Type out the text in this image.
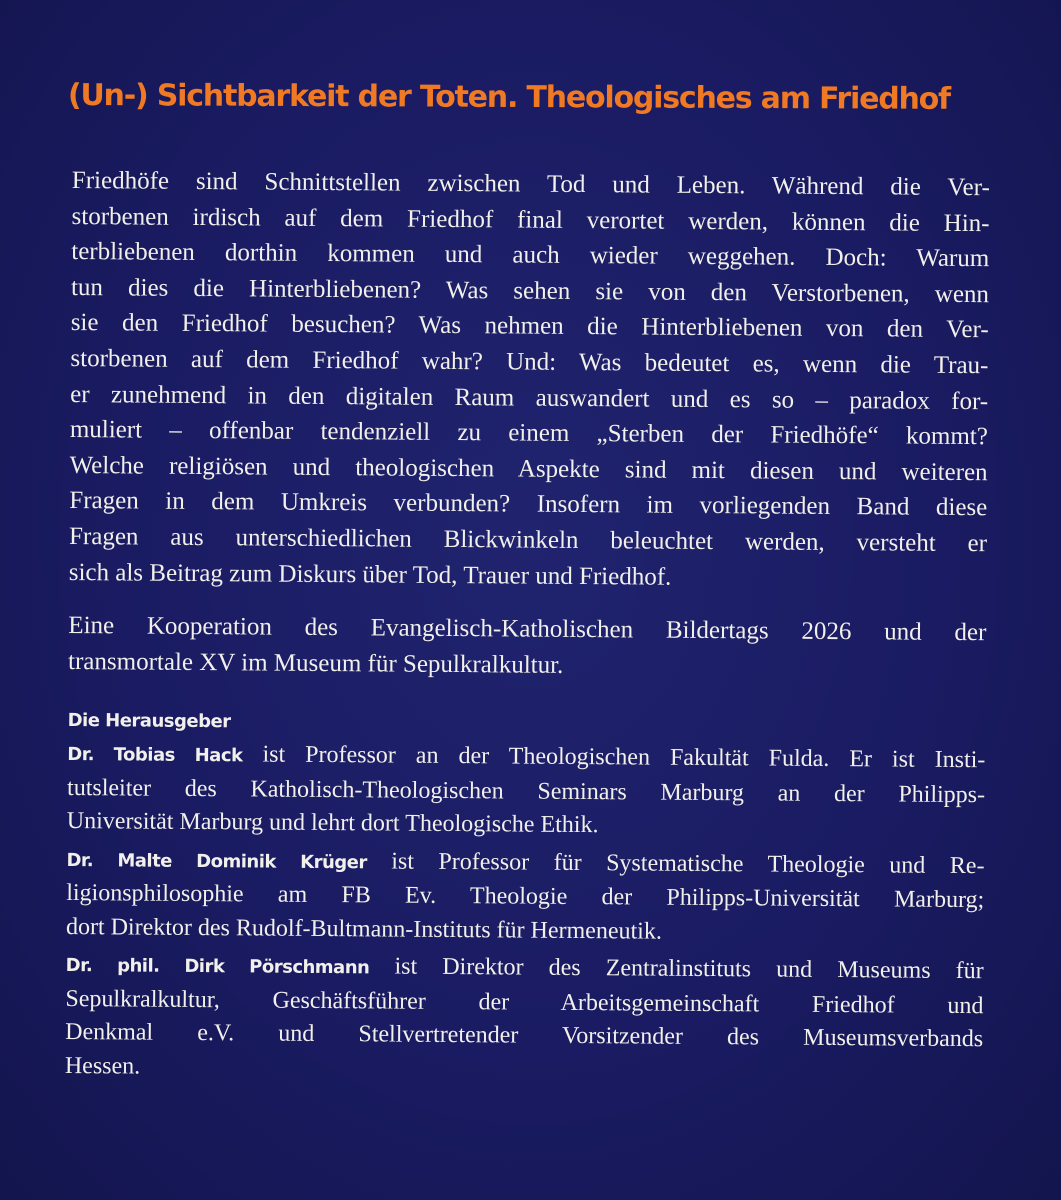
(Un-) Sichtbarkeit der Toten. Theologisches am Friedhof

Friedhöfe sind Schnittstellen zwischen Tod und Leben. Während die Ver-
storbenen irdisch auf dem Friedhof final verortet werden, können die Hin-
terbliebenen dorthin kommen und auch wieder weggehen. Doch: Warum
tun dies die Hinterbliebenen? Was sehen sie von den Verstorbenen, wenn
sie den Friedhof besuchen? Was nehmen die Hinterbliebenen von den Ver-
storbenen auf dem Friedhof wahr? Und: Was bedeutet es, wenn die Trau-
er zunehmend in den digitalen Raum auswandert und es so – paradox for-
muliert – offenbar tendenziell zu einem „Sterben der Friedhöfe“ kommt?
Welche religiösen und theologischen Aspekte sind mit diesen und weiteren
Fragen in dem Umkreis verbunden? Insofern im vorliegenden Band diese
Fragen aus unterschiedlichen Blickwinkeln beleuchtet werden, versteht er
sich als Beitrag zum Diskurs über Tod, Trauer und Friedhof.

Eine Kooperation des Evangelisch-Katholischen Bildertags 2026 und der
transmortale XV im Museum für Sepulkralkultur.

Die Herausgeber

Dr. Tobias Hack ist Professor an der Theologischen Fakultät Fulda. Er ist Insti-
tutsleiter des Katholisch-Theologischen Seminars Marburg an der Philipps-
Universität Marburg und lehrt dort Theologische Ethik.

Dr. Malte Dominik Krüger ist Professor für Systematische Theologie und Re-
ligionsphilosophie am FB Ev. Theologie der Philipps-Universität Marburg;
dort Direktor des Rudolf-Bultmann-Instituts für Hermeneutik.

Dr. phil. Dirk Pörschmann ist Direktor des Zentralinstituts und Museums für
Sepulkralkultur, Geschäftsführer der Arbeitsgemeinschaft Friedhof und
Denkmal e.V. und Stellvertretender Vorsitzender des Museumsverbands
Hessen.
